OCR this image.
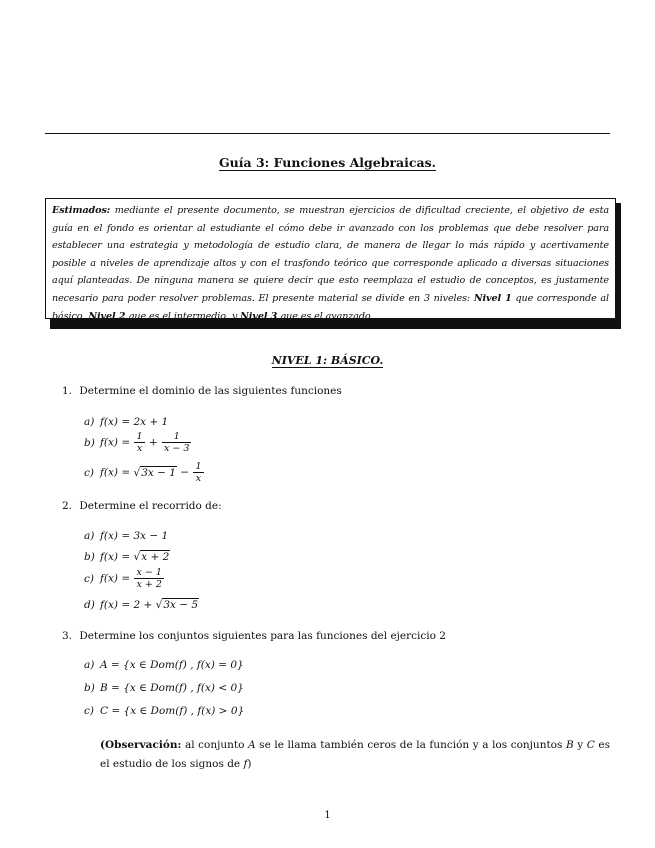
Guía 3: Funciones Algebraicas.
Estimados: mediante el presente documento, se muestran ejercicios de dificultad creciente, el objetivo de esta guía en el fondo es orientar al estudiante el cómo debe ir avanzado con los problemas que debe resolver para establecer una estrategia y metodología de estudio clara, de manera de llegar lo más rápido y acertivamente posible a niveles de aprendizaje altos y con el trasfondo teórico que corresponde aplicado a diversas situaciones aquí planteadas. De ninguna manera se quiere decir que esto reemplaza el estudio de conceptos, es justamente necesario para poder resolver problemas. El presente material se divide en 3 niveles: Nivel 1 que corresponde al básico, Nivel 2 que es el intermedio, y Nivel 3 que es el avanzado.
NIVEL 1: BÁSICO.
1. Determine el dominio de las siguientes funciones
a) f(x) = 2x + 1
b) $f(x) = \frac{1}{x} + \frac{1}{x - 3}$
c) $f(x) = √3x - 1 - \frac{1}{x}$
2. Determine el recorrido de:
a) f(x) = 3x − 1
b) f(x) = √x + 2
c) $f(x) = \frac{x - 1}{x + 2}$
d) f(x) = 2 + √3x − 5
3. Determine los conjuntos siguientes para las funciones del ejercicio 2
a) A = {x ∈ Dom(f) , f(x) = 0}
b) B = {x ∈ Dom(f) , f(x) < 0}
c) C = {x ∈ Dom(f) , f(x) > 0}
(Observación: al conjunto A se le llama también ceros de la función y a los conjuntos B y C es el estudio de los signos de f)
1
